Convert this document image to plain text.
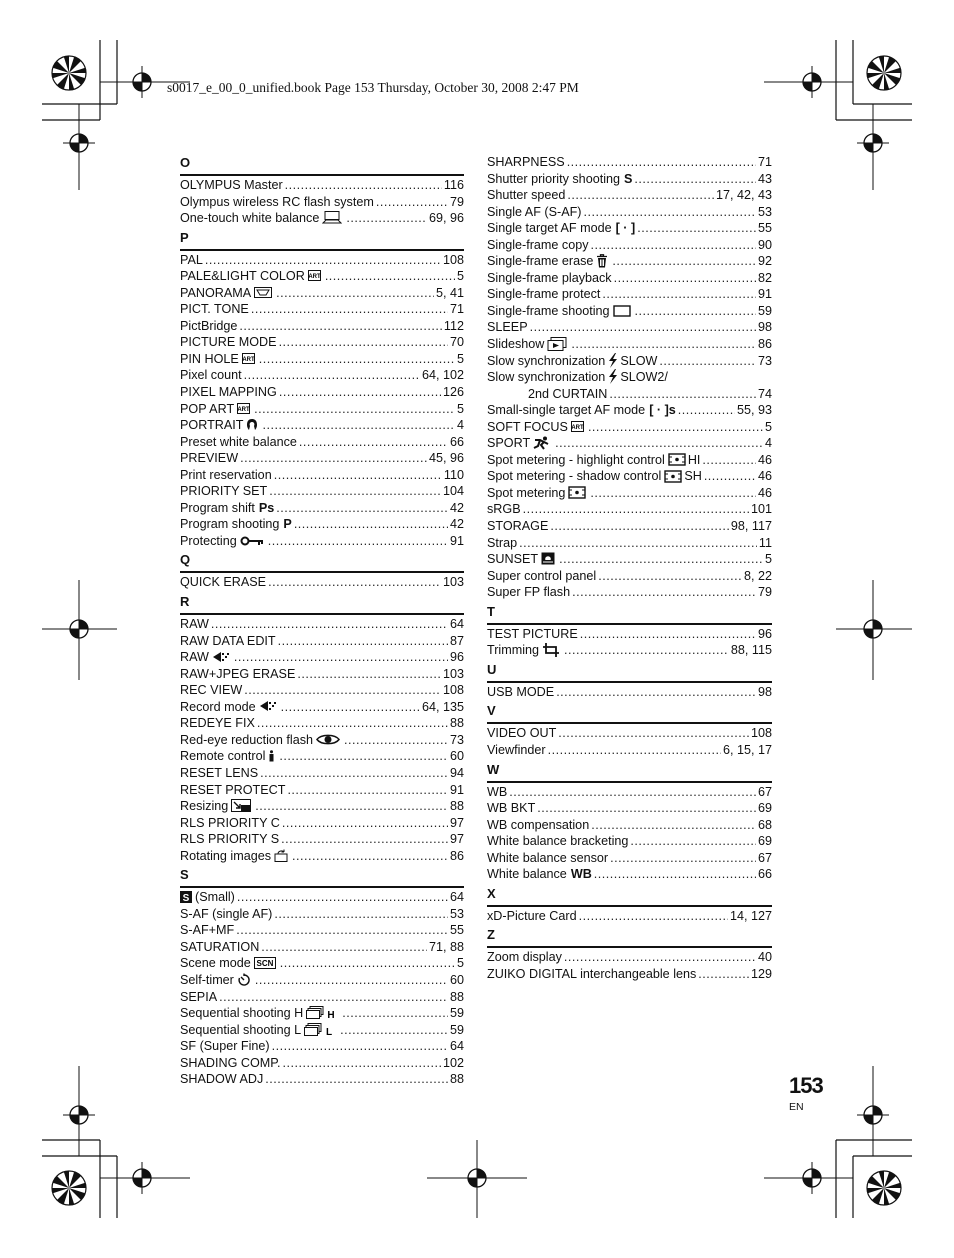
s0017_e_00_0_unified.book Page 153 Thursday, October 30, 2008 2:47 PM
O
OLYMPUS Master .....	116
Olympus wireless RC flash system .....	79
One-touch white balance .....	69, 96
P
PAL .....	108
PALE&LIGHT COLOR ART .....	5
PANORAMA .....	5, 41
PICT. TONE .....	71
PictBridge .....	112
PICTURE MODE .....	70
PIN HOLE ART .....	5
Pixel count .....	64, 102
PIXEL MAPPING .....	126
POP ART ART .....	5
PORTRAIT .....	4
Preset white balance .....	66
PREVIEW .....	45, 96
Print reservation .....	110
PRIORITY SET .....	104
Program shift Ps .....	42
Program shooting P .....	42
Protecting .....	91
Q
QUICK ERASE .....	103
R
RAW .....	64
RAW DATA EDIT .....	87
RAW .....	96
RAW+JPEG ERASE .....	103
REC VIEW .....	108
Record mode .....	64, 135
REDEYE FIX .....	88
Red-eye reduction flash .....	73
Remote control .....	60
RESET LENS .....	94
RESET PROTECT .....	91
Resizing .....	88
RLS PRIORITY C .....	97
RLS PRIORITY S .....	97
Rotating images .....	86
S
S (Small) .....	64
S-AF (single AF) .....	53
S-AF+MF .....	55
SATURATION .....	71, 88
Scene mode SCN .....	5
Self-timer .....	60
SEPIA .....	88
Sequential shooting H H .....	59
Sequential shooting L L .....	59
SF (Super Fine) .....	64
SHADING COMP. .....	102
SHADOW ADJ .....	88
SHARPNESS .....	71
Shutter priority shooting S .....	43
Shutter speed .....	17, 42, 43
Single AF (S-AF) .....	53
Single target AF mode [ · ] .....	55
Single-frame copy .....	90
Single-frame erase .....	92
Single-frame playback .....	82
Single-frame protect .....	91
Single-frame shooting .....	59
SLEEP .....	98
Slideshow .....	86
Slow synchronization SLOW .....	73
Slow synchronization SLOW2/
2nd CURTAIN .....	74
Small-single target AF mode [ · ]s .....	55, 93
SOFT FOCUS ART .....	5
SPORT .....	4
Spot metering - highlight control HI .....	46
Spot metering - shadow control SH .....	46
Spot metering .....	46
sRGB .....	101
STORAGE .....	98, 117
Strap .....	11
SUNSET .....	5
Super control panel .....	8, 22
Super FP flash .....	79
T
TEST PICTURE .....	96
Trimming .....	88, 115
U
USB MODE .....	98
V
VIDEO OUT .....	108
Viewfinder .....	6, 15, 17
W
WB .....	67
WB BKT .....	69
WB compensation .....	68
White balance bracketing .....	69
White balance sensor .....	67
White balance WB .....	66
X
xD-Picture Card .....	14, 127
Z
Zoom display .....	40
ZUIKO DIGITAL interchangeable lens .....	129
153
EN
